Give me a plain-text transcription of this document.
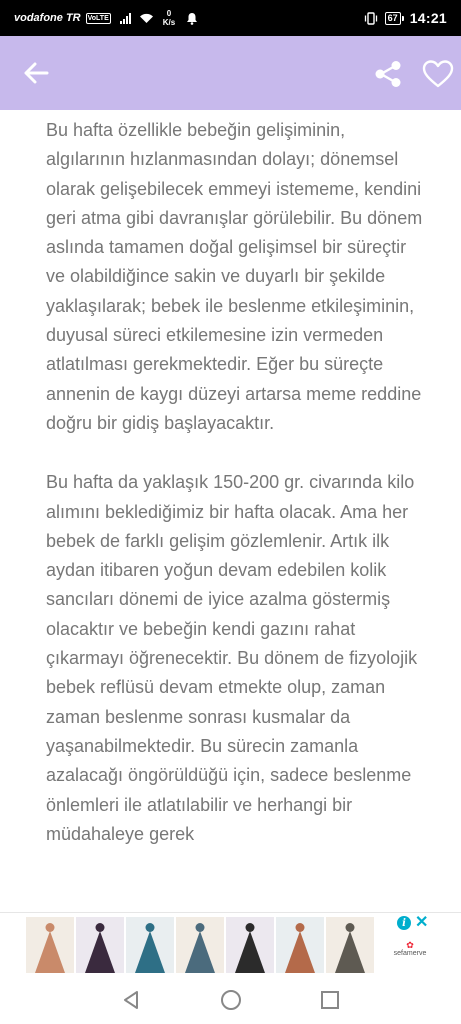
vodafone TR VoLTE	0
K/s	67 14:21

Bu hafta özellikle bebeğin gelişiminin, algılarının hızlanmasından dolayı; dönemsel olarak gelişebilecek emmeyi istememe, kendini geri atma gibi davranışlar görülebilir. Bu dönem aslında tamamen doğal gelişimsel bir süreçtir ve olabildiğince sakin ve duyarlı bir şekilde yaklaşılarak; bebek ile beslenme etkileşiminin, duyusal süreci etkilemesine izin vermeden atlatılması gerekmektedir. Eğer bu süreçte annenin de kaygı düzeyi artarsa meme reddine doğru bir gidiş başlayacaktır.

Bu hafta da yaklaşık 150-200 gr. civarında kilo alımını beklediğimiz bir hafta olacak. Ama her bebek de farklı gelişim gözlemlenir. Artık ilk aydan itibaren yoğun devam edebilen kolik sancıları dönemi de iyice azalma göstermiş olacaktır ve bebeğin kendi gazını rahat çıkarmayı öğrenecektir. Bu dönem de fizyolojik bebek reflüsü devam etmekte olup, zaman zaman beslenme sonrası kusmalar da yaşanabilmektedir. Bu sürecin zamanla azalacağı öngörüldüğü için, sadece beslenme önlemleri ile atlatılabilir ve herhangi bir müdahaleye gerek

i ✕
✿
sefamerve
